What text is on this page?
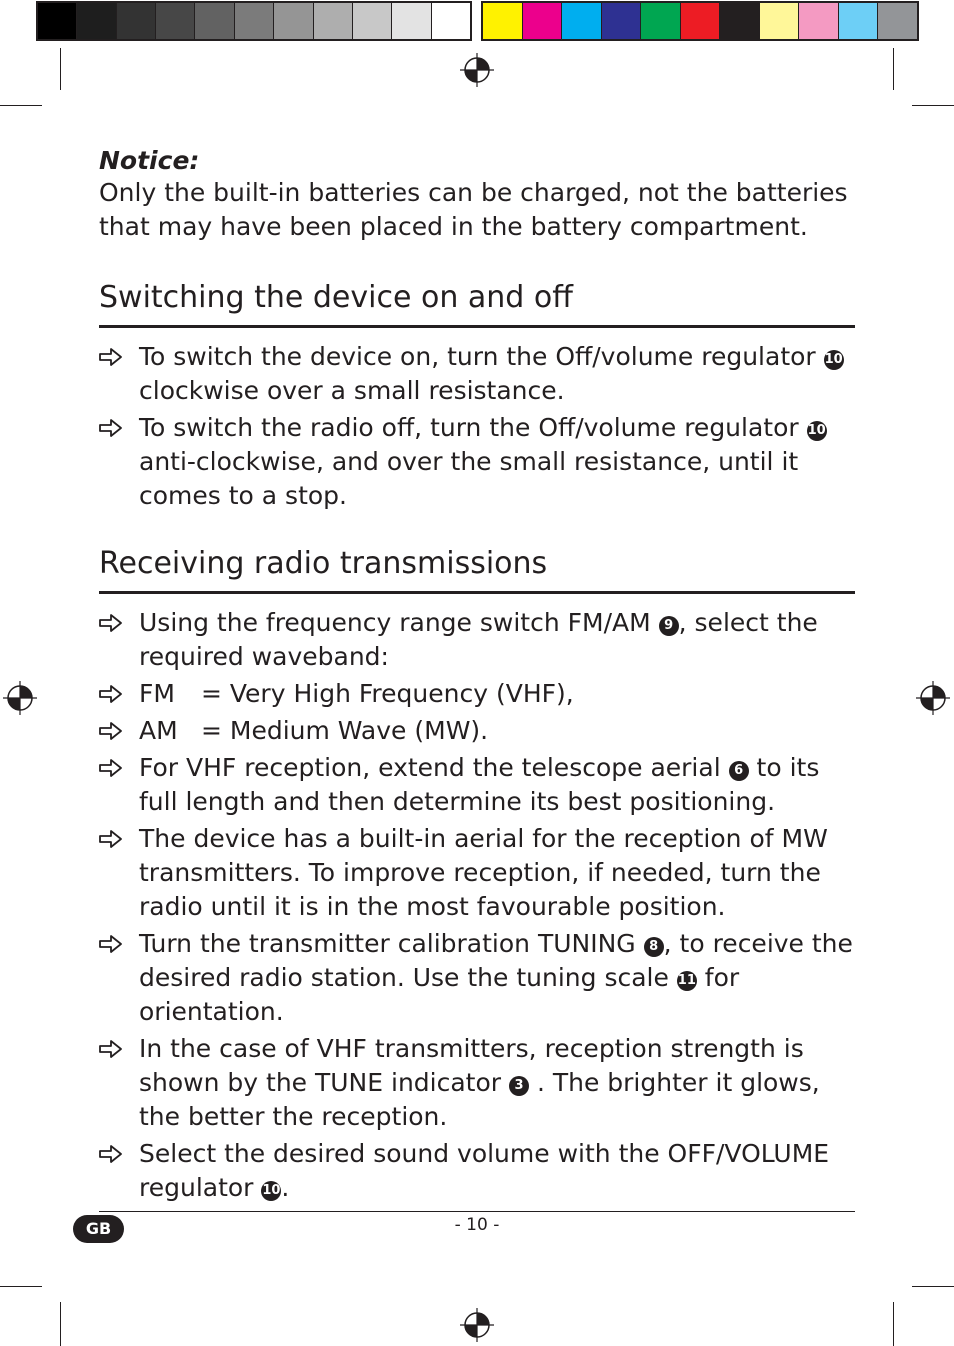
Notice:

Only the built-in batteries can be charged, not the batteries that may have been placed in the battery compartment.

Switching the device on and off
To switch the device on, turn the Off/volume regulator 10 clockwise over a small resistance.
To switch the radio off, turn the Off/volume regulator 10 anti-clockwise, and over the small resistance, until it comes to a stop.
Receiving radio transmissions
Using the frequency range switch FM/AM 9 , select the required waveband:
FM = Very High Frequency (VHF),
AM = Medium Wave (MW).
For VHF reception, extend the telescope aerial 6 to its full length and then determine its best positioning.
The device has a built-in aerial for the reception of MW transmitters. To improve reception, if needed, turn the radio until it is in the most favourable position.
Turn the transmitter calibration TUNING 8 , to receive the desired radio station. Use the tuning scale 11 for orientation.
In the case of VHF transmitters, reception strength is shown by the TUNE indicator 3 . The brighter it glows, the better the reception.
Select the desired sound volume with the OFF/VOLUME regulator 10.
GB	- 10 -
